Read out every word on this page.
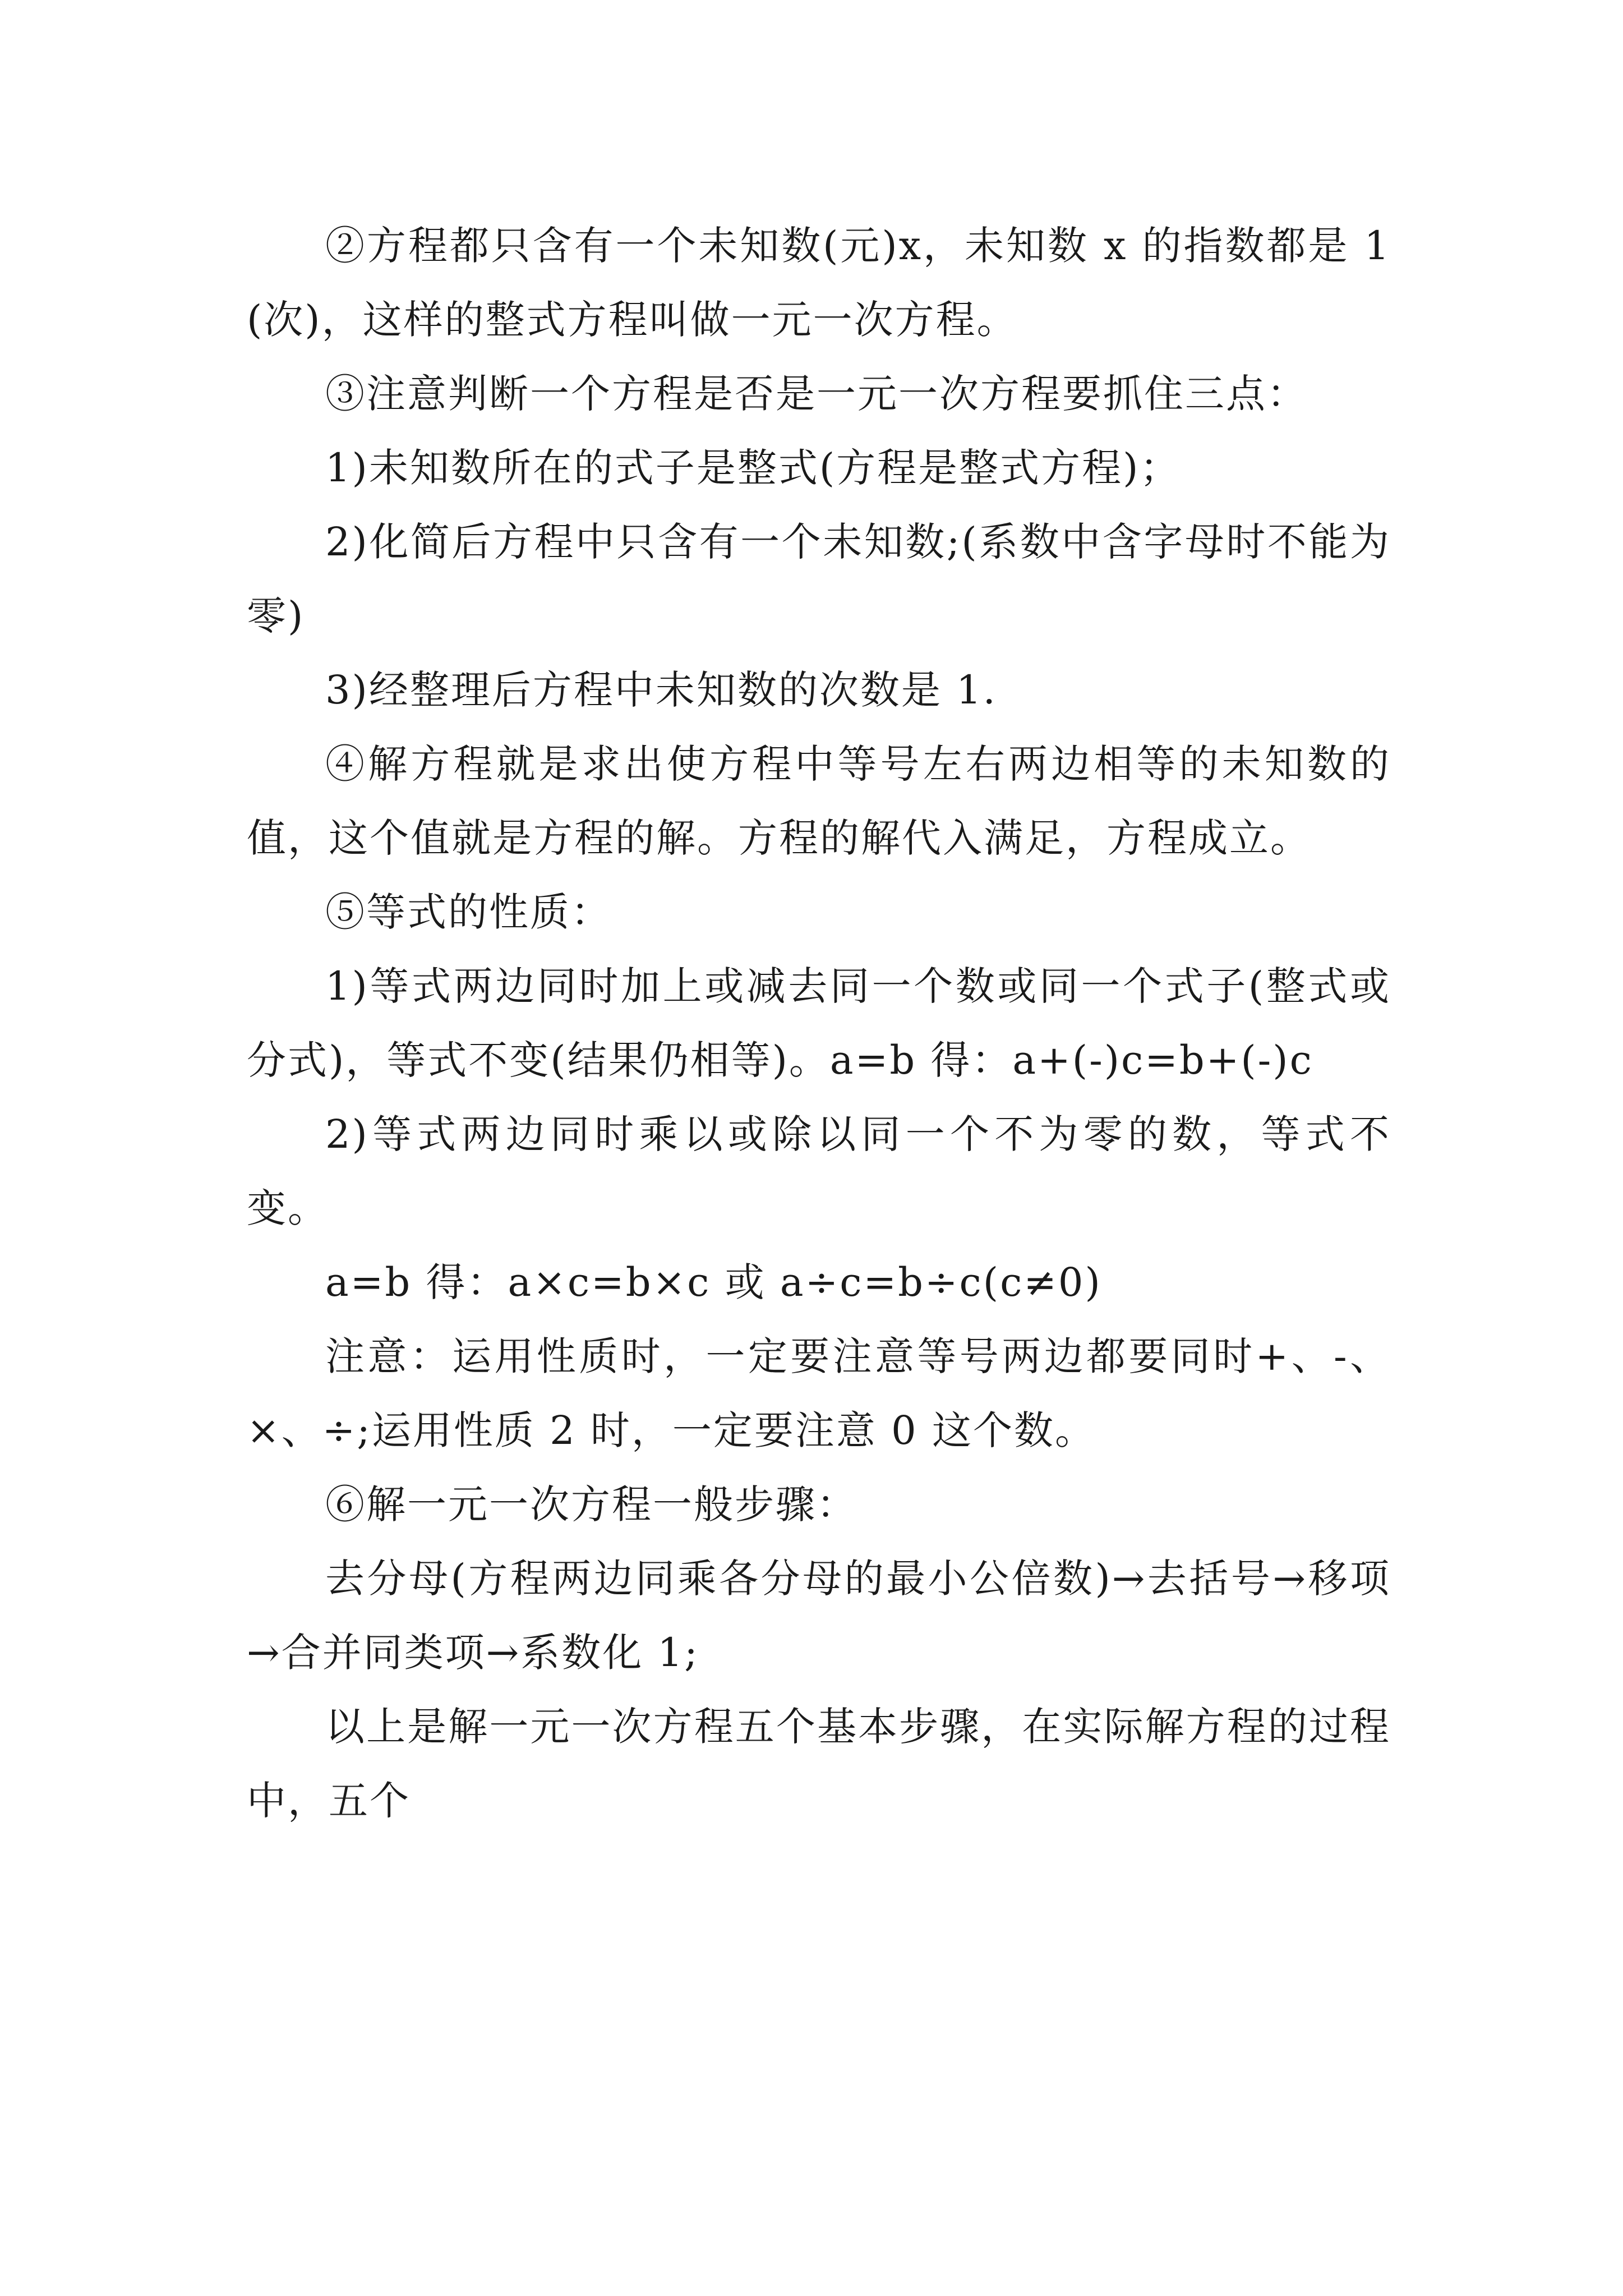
②方程都只含有一个未知数(元)x，未知数 x 的指数都是 1(次)，这样的整式方程叫做一元一次方程。

③注意判断一个方程是否是一元一次方程要抓住三点：

1)未知数所在的式子是整式(方程是整式方程)；

2)化简后方程中只含有一个未知数;(系数中含字母时不能为零)

3)经整理后方程中未知数的次数是 1.

④解方程就是求出使方程中等号左右两边相等的未知数的值，这个值就是方程的解。方程的解代入满足，方程成立。

⑤等式的性质：

1)等式两边同时加上或减去同一个数或同一个式子(整式或分式)，等式不变(结果仍相等)。a=b 得：a+(-)c=b+(-)c

2)等式两边同时乘以或除以同一个不为零的数，等式不变。

a=b 得：a×c=b×c 或 a÷c=b÷c(c≠0)

注意：运用性质时，一定要注意等号两边都要同时+、-、×、÷;运用性质 2 时，一定要注意 0 这个数。

⑥解一元一次方程一般步骤：

去分母(方程两边同乘各分母的最小公倍数)→去括号→移项→合并同类项→系数化 1;

以上是解一元一次方程五个基本步骤，在实际解方程的过程中，五个
